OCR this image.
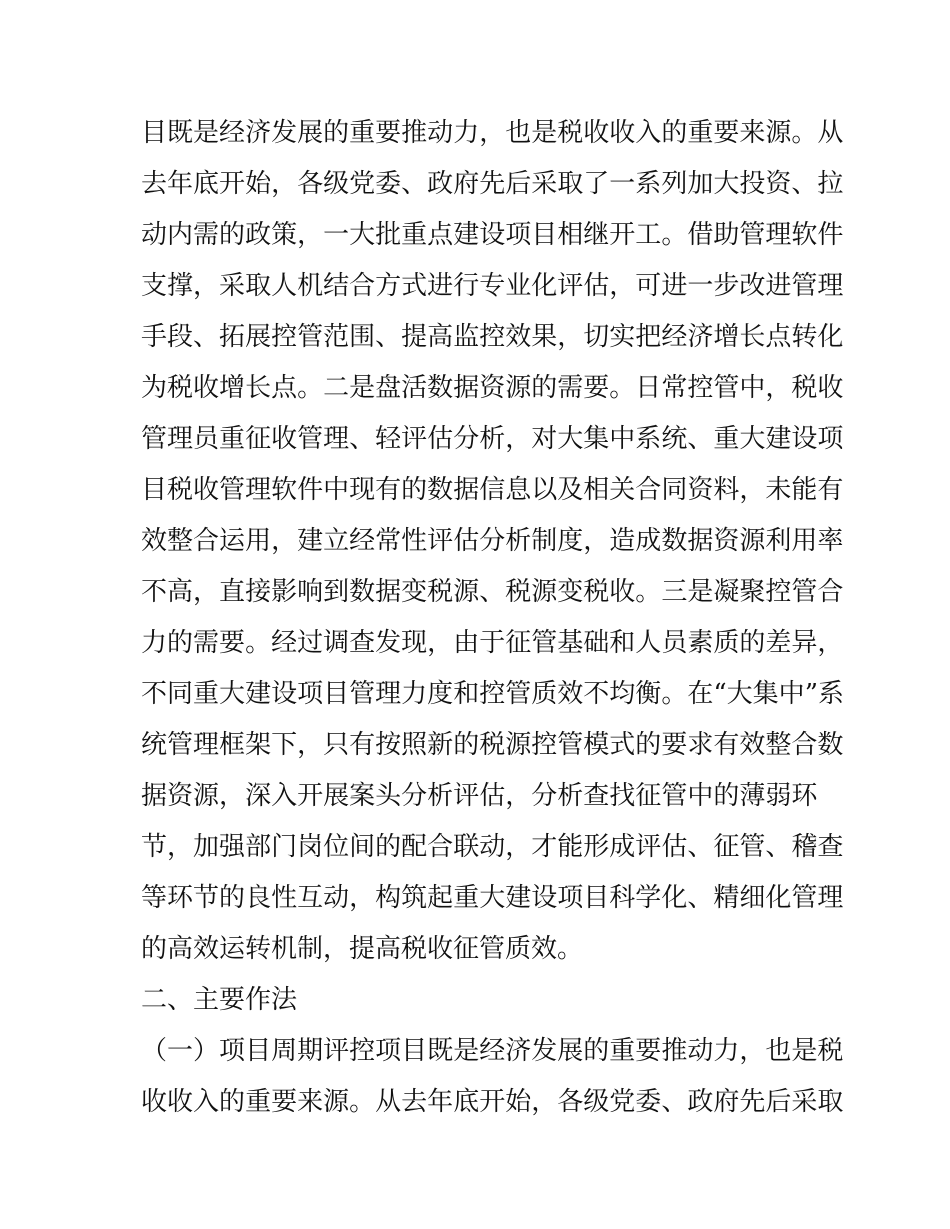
目 既 是 经 济 发 展 的 重 要 推 动 力 ， 也 是 税 收 收 入 的 重 要 来 源 。 从
去 年 底 开 始 ， 各 级 党 委 、 政 府 先 后 采 取 了 一 系 列 加 大 投 资 、 拉
动 内 需 的 政 策 ， 一 大 批 重 点 建 设 项 目 相 继 开 工 。 借 助 管 理 软 件
支 撑 ， 采 取 人 机 结 合 方 式 进 行 专 业 化 评 估 ， 可 进 一 步 改 进 管 理
手 段 、 拓 展 控 管 范 围 、 提 高 监 控 效 果 ， 切 实 把 经 济 增 长 点 转 化
为 税 收 增 长 点 。 二 是 盘 活 数 据 资 源 的 需 要 。 日 常 控 管 中 ， 税 收
管 理 员 重 征 收 管 理 、 轻 评 估 分 析 ， 对 大 集 中 系 统 、 重 大 建 设 项
目 税 收 管 理 软 件 中 现 有 的 数 据 信 息 以 及 相 关 合 同 资 料 ， 未 能 有
效 整 合 运 用 ， 建 立 经 常 性 评 估 分 析 制 度 ， 造 成 数 据 资 源 利 用 率
不 高 ， 直 接 影 响 到 数 据 变 税 源 、 税 源 变 税 收 。 三 是 凝 聚 控 管 合
力 的 需 要 。 经 过 调 查 发 现 ， 由 于 征 管 基 础 和 人 员 素 质 的 差 异 ，
不 同 重 大 建 设 项 目 管 理 力 度 和 控 管 质 效 不 均 衡 。 在 “ 大 集 中 ” 系
统 管 理 框 架 下 ， 只 有 按 照 新 的 税 源 控 管 模 式 的 要 求 有 效 整 合 数
据 资 源 ， 深 入 开 展 案 头 分 析 评 估 ， 分 析 查 找 征 管 中 的 薄 弱 环
节 ， 加 强 部 门 岗 位 间 的 配 合 联 动 ， 才 能 形 成 评 估 、 征 管 、 稽 查
等 环 节 的 良 性 互 动 ， 构 筑 起 重 大 建 设 项 目 科 学 化 、 精 细 化 管 理
的高效运转机制，提高税收征管质效。
二、主要作法
（ 一 ） 项 目 周 期 评 控 项 目 既 是 经 济 发 展 的 重 要 推 动 力 ， 也 是 税
收 收 入 的 重 要 来 源 。 从 去 年 底 开 始 ， 各 级 党 委 、 政 府 先 后 采 取
